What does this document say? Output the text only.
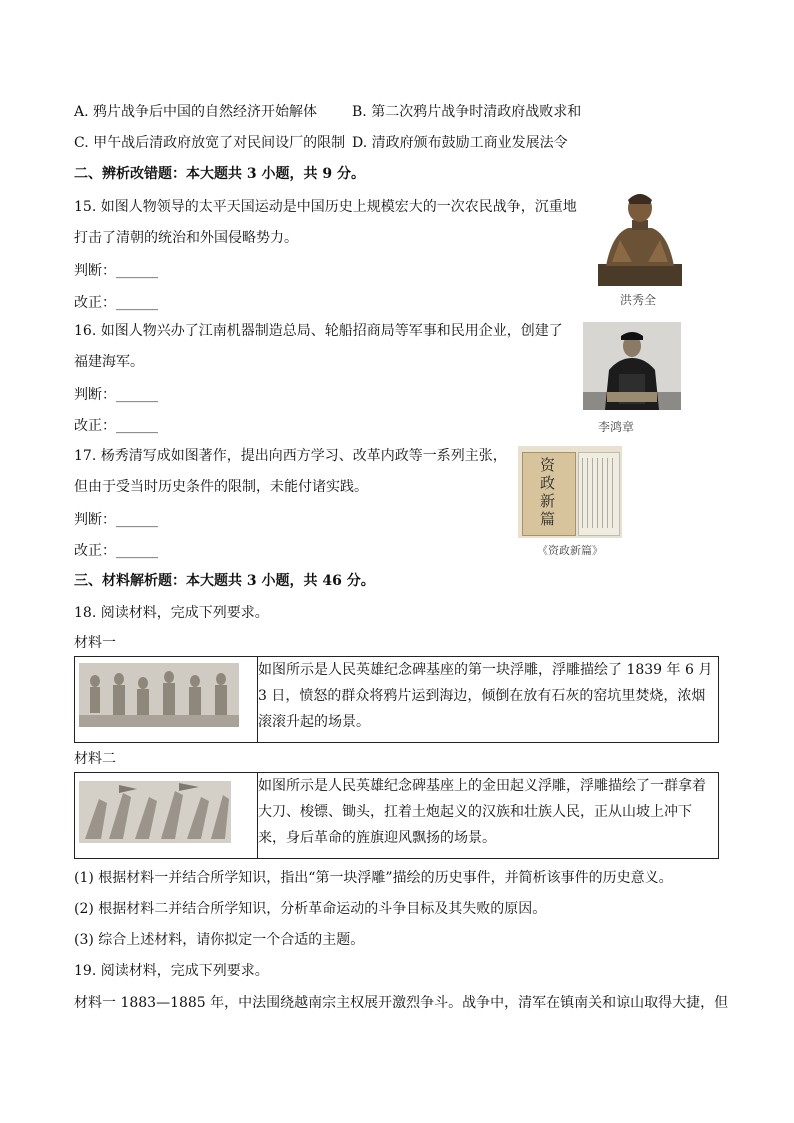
A. 鸦片战争后中国的自然经济开始解体 B. 第二次鸦片战争时清政府战败求和
C. 甲午战后清政府放宽了对民间设厂的限制 D. 清政府颁布鼓励工商业发展法令
二、辨析改错题：本大题共 3 小题，共 9 分。
15. 如图人物领导的太平天国运动是中国历史上规模宏大的一次农民战争，沉重地
打击了清朝的统治和外国侵略势力。
判断：______
改正：______	洪秀全
16. 如图人物兴办了江南机器制造总局、轮船招商局等军事和民用企业，创建了
福建海军。
判断：______
改正：______	李鸿章
17. 杨秀清写成如图著作，提出向西方学习、改革内政等一系列主张，
但由于受当时历史条件的限制，未能付诸实践。
判断：______
改正：______
资政新篇
《资政新篇》
三、材料解析题：本大题共 3 小题，共 46 分。
18. 阅读材料，完成下列要求。
材料一
	如图所示是人民英雄纪念碑基座的第一块浮雕，浮雕描绘了 1839 年 6 月 3 日，愤怒的群众将鸦片运到海边，倾倒在放有石灰的窑坑里焚烧，浓烟滚滚升起的场景。
材料二
	如图所示是人民英雄纪念碑基座上的金田起义浮雕，浮雕描绘了一群拿着大刀、梭镖、锄头，扛着土炮起义的汉族和壮族人民，正从山坡上冲下来，身后革命的旌旗迎风飘扬的场景。
(1) 根据材料一并结合所学知识，指出“第一块浮雕”描绘的历史事件，并简析该事件的历史意义。
(2) 根据材料二并结合所学知识，分析革命运动的斗争目标及其失败的原因。
(3) 综合上述材料，请你拟定一个合适的主题。
19. 阅读材料，完成下列要求。
材料一 1883—1885 年，中法围绕越南宗主权展开激烈争斗。战争中，清军在镇南关和谅山取得大捷，但
